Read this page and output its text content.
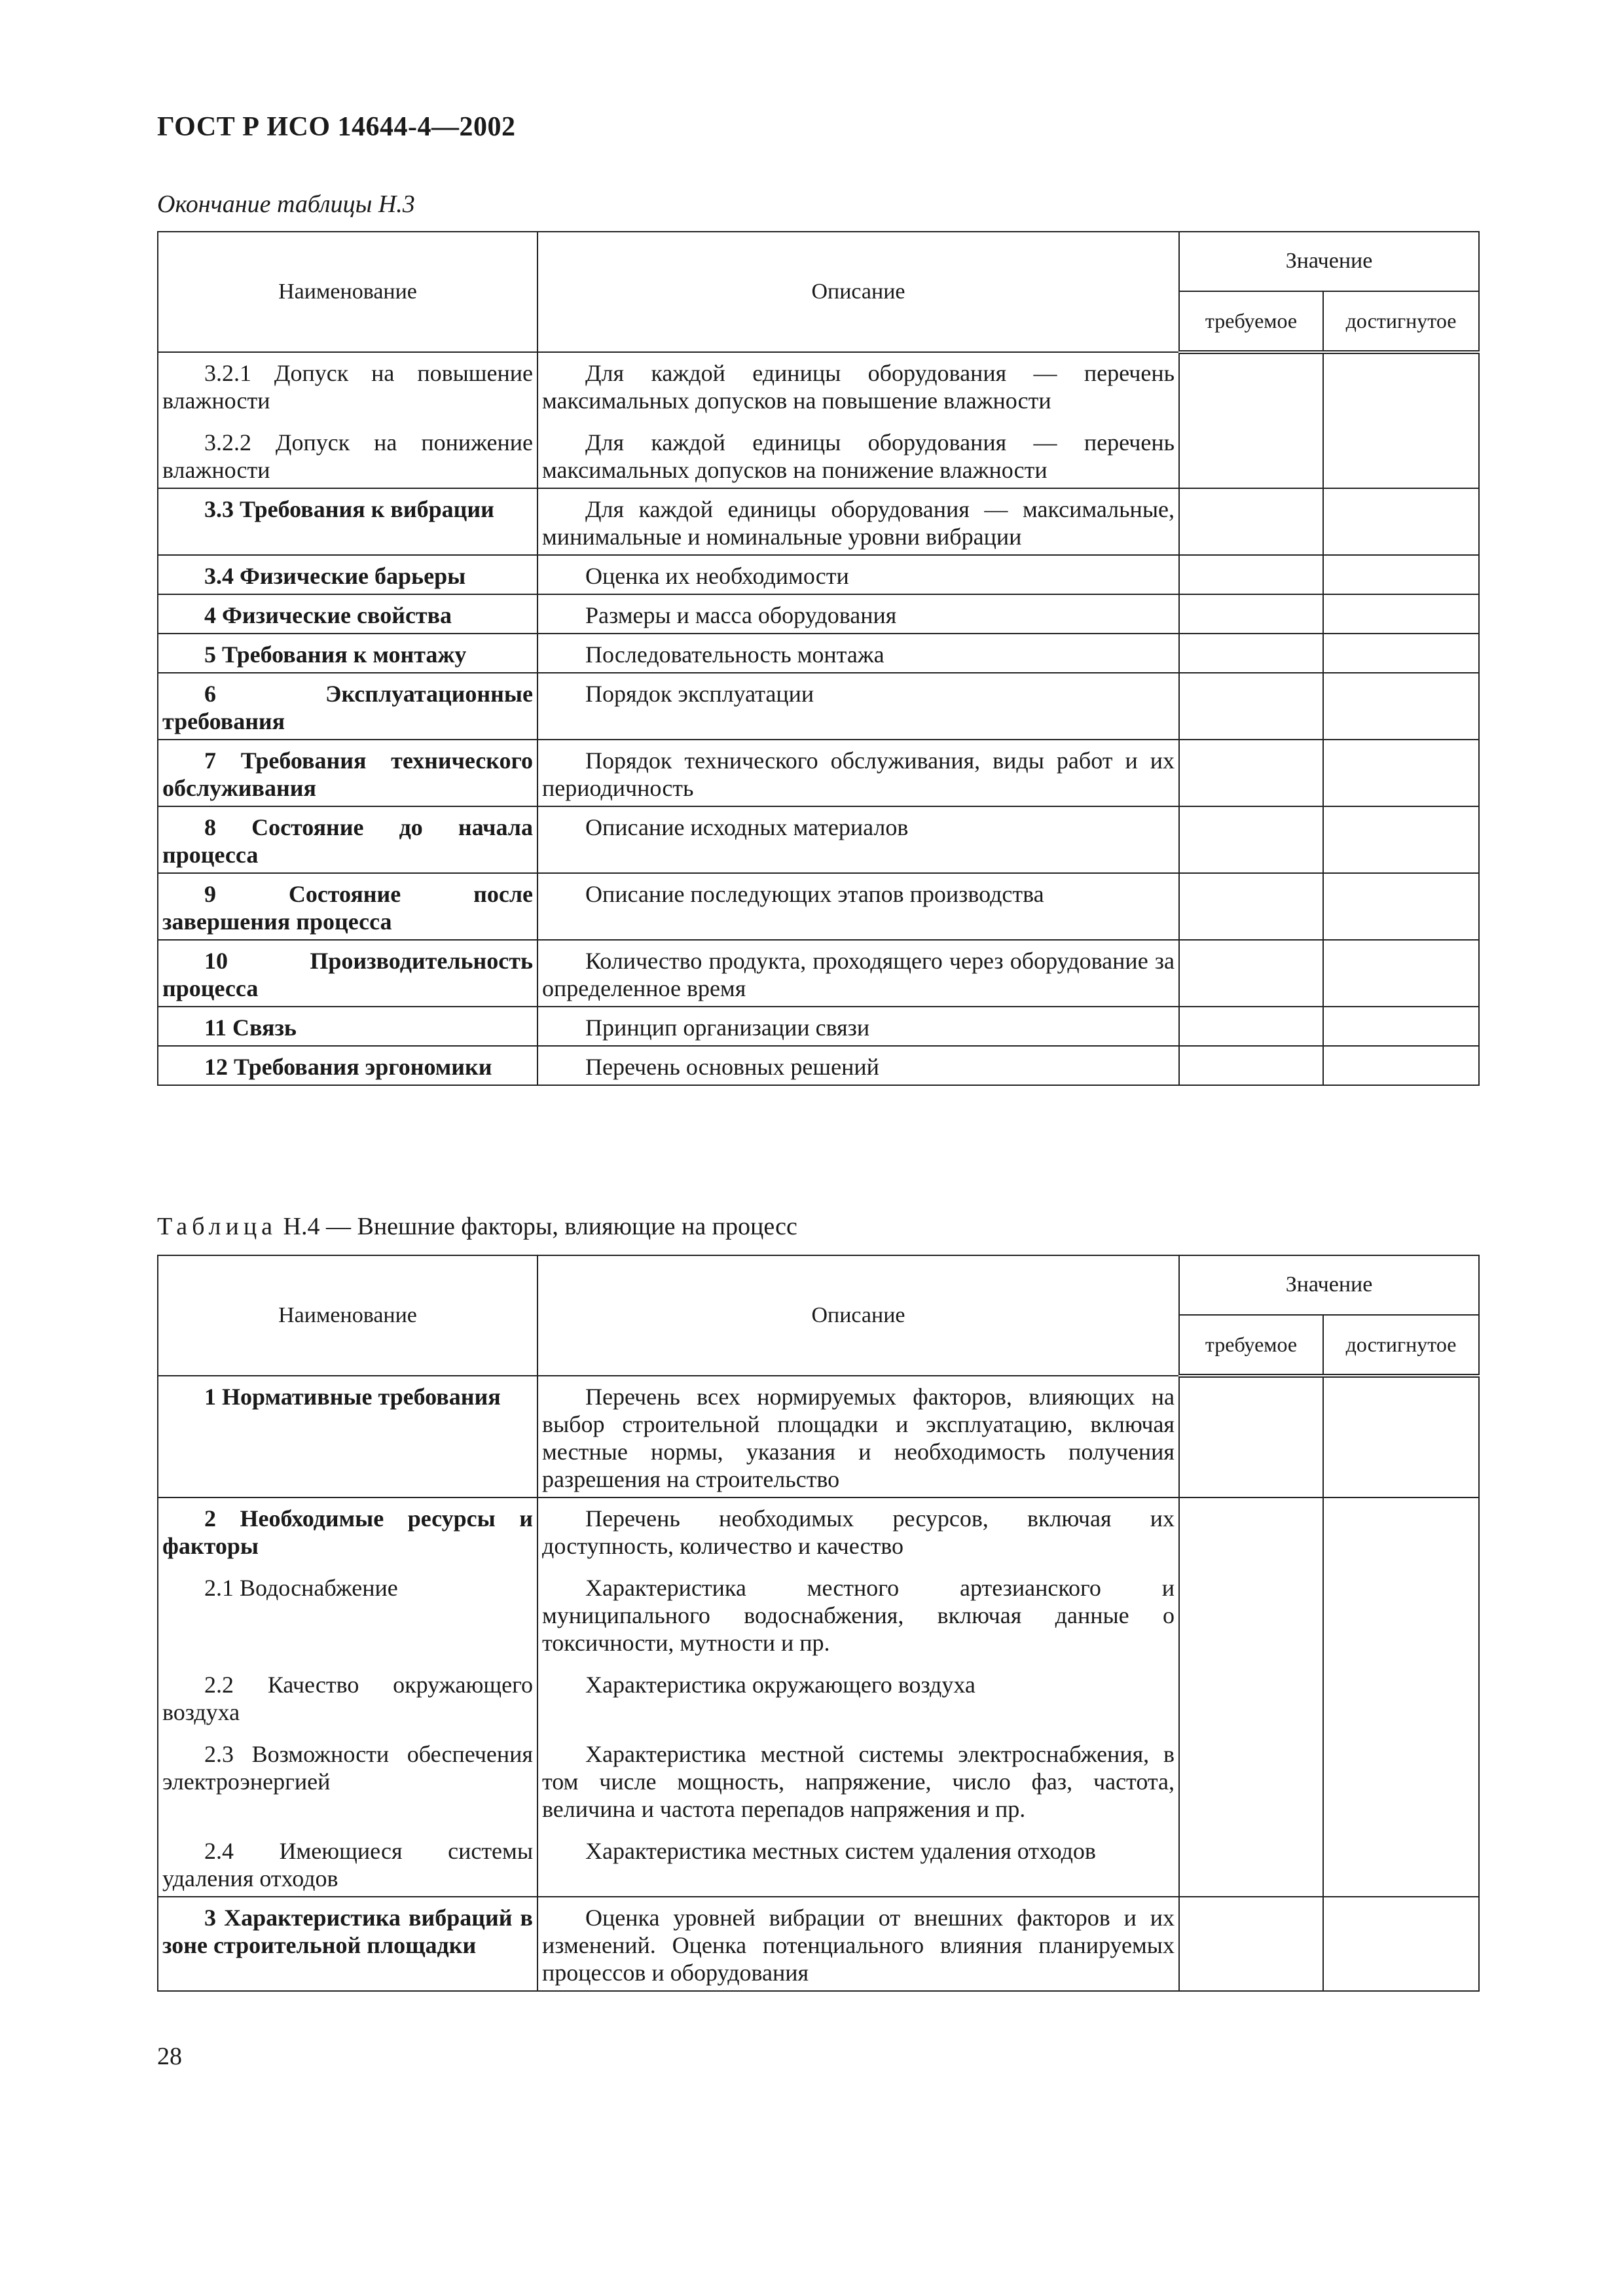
ГОСТ Р ИСО 14644-4—2002
Окончание таблицы Н.3
Наименование	Описание	Значение	
		требуемое	достигнутое
3.2.1 Допуск на повышение влажности	Для каждой единицы оборудования — перечень максимальных допусков на повышение влажности		
3.2.2 Допуск на понижение влажности	Для каждой единицы оборудования — перечень максимальных допусков на понижение влажности		
3.3 Требования к вибрации	Для каждой единицы оборудования — максимальные, минимальные и номинальные уровни вибрации		
3.4 Физические барьеры	Оценка их необходимости		
4 Физические свойства	Размеры и масса оборудования		
5 Требования к монтажу	Последовательность монтажа		
6 Эксплуатационные требования	Порядок эксплуатации		
7 Требования технического обслуживания	Порядок технического обслуживания, виды работ и их периодичность		
8 Состояние до начала процесса	Описание исходных материалов		
9 Состояние после завершения процесса	Описание последующих этапов производства		
10 Производительность процесса	Количество продукта, проходящего через оборудование за определенное время		
11 Связь	Принцип организации связи		
12 Требования эргономики	Перечень основных решений		
Таблица Н.4 — Внешние факторы, влияющие на процесс
Наименование	Описание	Значение	
		требуемое	достигнутое
1 Нормативные требования	Перечень всех нормируемых факторов, влияющих на выбор строительной площадки и эксплуатацию, включая местные нормы, указания и необходимость получения разрешения на строительство		
2 Необходимые ресурсы и факторы	Перечень необходимых ресурсов, включая их доступность, количество и качество		
2.1 Водоснабжение	Характеристика местного артезианского и муниципального водоснабжения, включая данные о токсичности, мутности и пр.		
2.2 Качество окружающего воздуха	Характеристика окружающего воздуха		
2.3 Возможности обеспечения электроэнергией	Характеристика местной системы электроснабжения, в том числе мощность, напряжение, число фаз, частота, величина и частота перепадов напряжения и пр.		
2.4 Имеющиеся системы удаления отходов	Характеристика местных систем удаления отходов		
3 Характеристика вибраций в зоне строительной площадки	Оценка уровней вибрации от внешних факторов и их изменений. Оценка потенциального влияния планируемых процессов и оборудования		
28
